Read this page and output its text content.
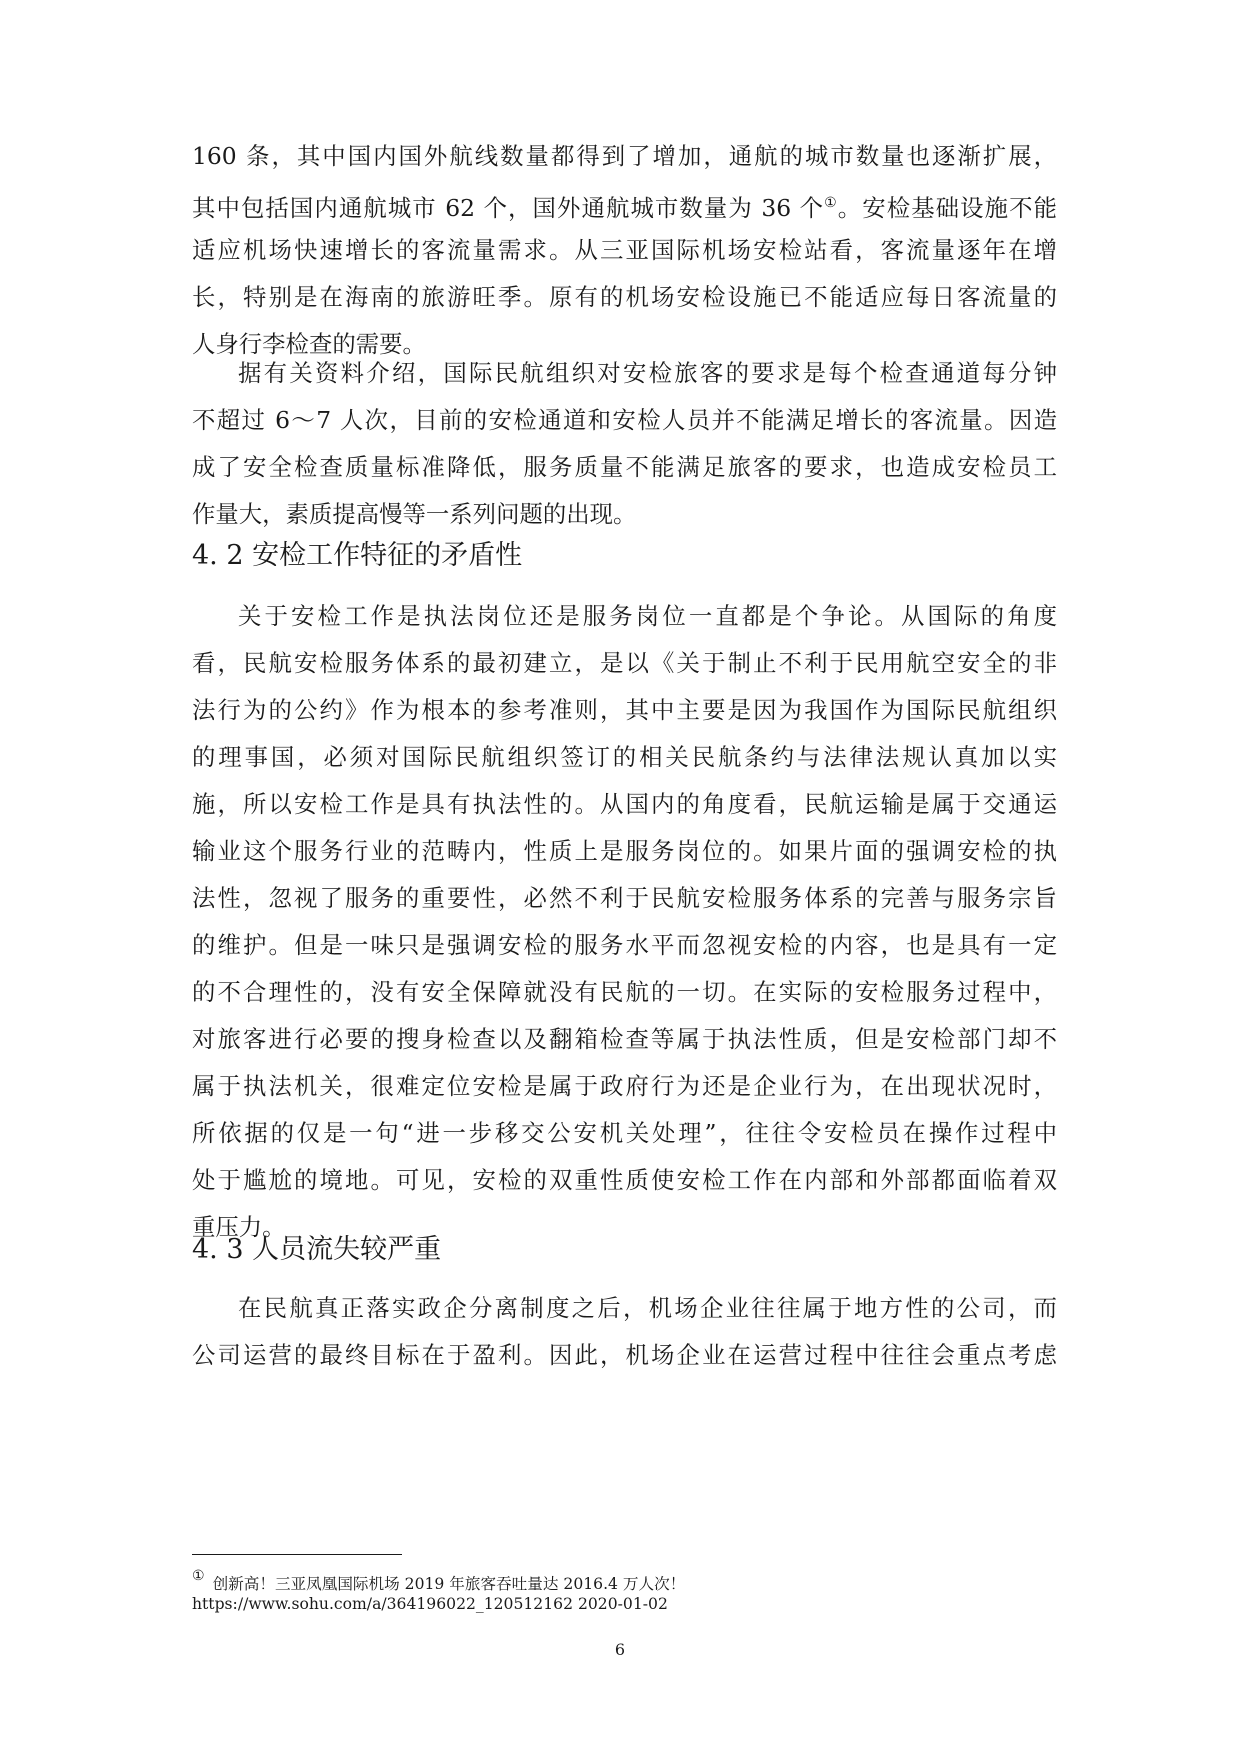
160 条，其中国内国外航线数量都得到了增加，通航的城市数量也逐渐扩展，
其中包括国内通航城市 62 个，国外通航城市数量为 36 个①。安检基础设施不能
适应机场快速增长的客流量需求。从三亚国际机场安检站看，客流量逐年在增
长，特别是在海南的旅游旺季。原有的机场安检设施已不能适应每日客流量的
人身行李检查的需要。
据有关资料介绍，国际民航组织对安检旅客的要求是每个检查通道每分钟
不超过 6～7 人次，目前的安检通道和安检人员并不能满足增长的客流量。因造
成了安全检查质量标准降低，服务质量不能满足旅客的要求，也造成安检员工
作量大，素质提高慢等一系列问题的出现。
4. 2 安检工作特征的矛盾性
关于安检工作是执法岗位还是服务岗位一直都是个争论。从国际的角度
看，民航安检服务体系的最初建立，是以《关于制止不利于民用航空安全的非
法行为的公约》作为根本的参考准则，其中主要是因为我国作为国际民航组织
的理事国，必须对国际民航组织签订的相关民航条约与法律法规认真加以实
施，所以安检工作是具有执法性的。从国内的角度看，民航运输是属于交通运
输业这个服务行业的范畴内，性质上是服务岗位的。如果片面的强调安检的执
法性，忽视了服务的重要性，必然不利于民航安检服务体系的完善与服务宗旨
的维护。但是一味只是强调安检的服务水平而忽视安检的内容，也是具有一定
的不合理性的，没有安全保障就没有民航的一切。在实际的安检服务过程中，
对旅客进行必要的搜身检查以及翻箱检查等属于执法性质，但是安检部门却不
属于执法机关，很难定位安检是属于政府行为还是企业行为，在出现状况时，
所依据的仅是一句“进一步移交公安机关处理”，往往令安检员在操作过程中
处于尴尬的境地。可见，安检的双重性质使安检工作在内部和外部都面临着双
重压力。
4. 3 人员流失较严重
在民航真正落实政企分离制度之后，机场企业往往属于地方性的公司，而
公司运营的最终目标在于盈利。因此，机场企业在运营过程中往往会重点考虑
① 创新高！三亚凤凰国际机场 2019 年旅客吞吐量达 2016.4 万人次！
https://www.sohu.com/a/364196022_120512162 2020-01-02

6
